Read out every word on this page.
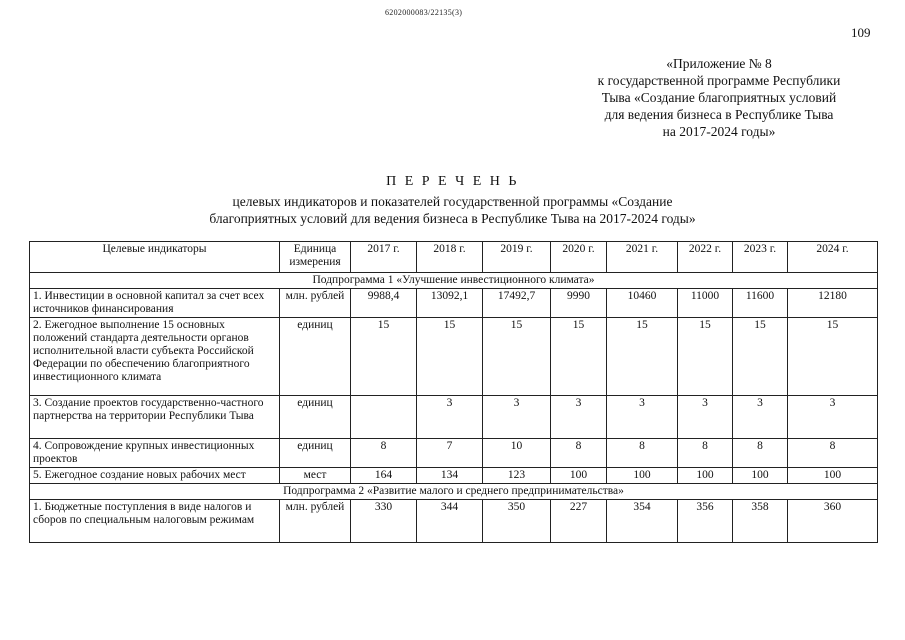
6202000083/22135(3)
109
«Приложение № 8
к государственной программе Республики
Тыва «Создание благоприятных условий
для ведения бизнеса в Республике Тыва
на 2017-2024 годы»
П Е Р Е Ч Е Н Ь
целевых индикаторов и показателей государственной программы «Создание
благоприятных условий для ведения бизнеса в Республике Тыва на 2017-2024 годы»
Целевые индикаторы	Единица измерения	2017 г.	2018 г.	2019 г.	2020 г.	2021 г.	2022 г.	2023 г.	2024 г.
Подпрограмма 1 «Улучшение инвестиционного климата»									
1. Инвестиции в основной капитал за счет всех источников финансирования	млн. рублей	9988,4	13092,1	17492,7	9990	10460	11000	11600	12180
2. Ежегодное выполнение 15 основных положений стандарта деятельности органов исполнительной власти субъекта Российской Федерации по обеспечению благоприятного инвестиционного климата	единиц	15	15	15	15	15	15	15	15
3. Создание проектов государственно-частного партнерства на территории Республики Тыва	единиц		3	3	3	3	3	3	3
4. Сопровождение крупных инвестиционных проектов	единиц	8	7	10	8	8	8	8	8
5. Ежегодное создание новых рабочих мест	мест	164	134	123	100	100	100	100	100
Подпрограмма 2 «Развитие малого и среднего предпринимательства»									
1. Бюджетные поступления в виде налогов и сборов по специальным налоговым режимам	млн. рублей	330	344	350	227	354	356	358	360
